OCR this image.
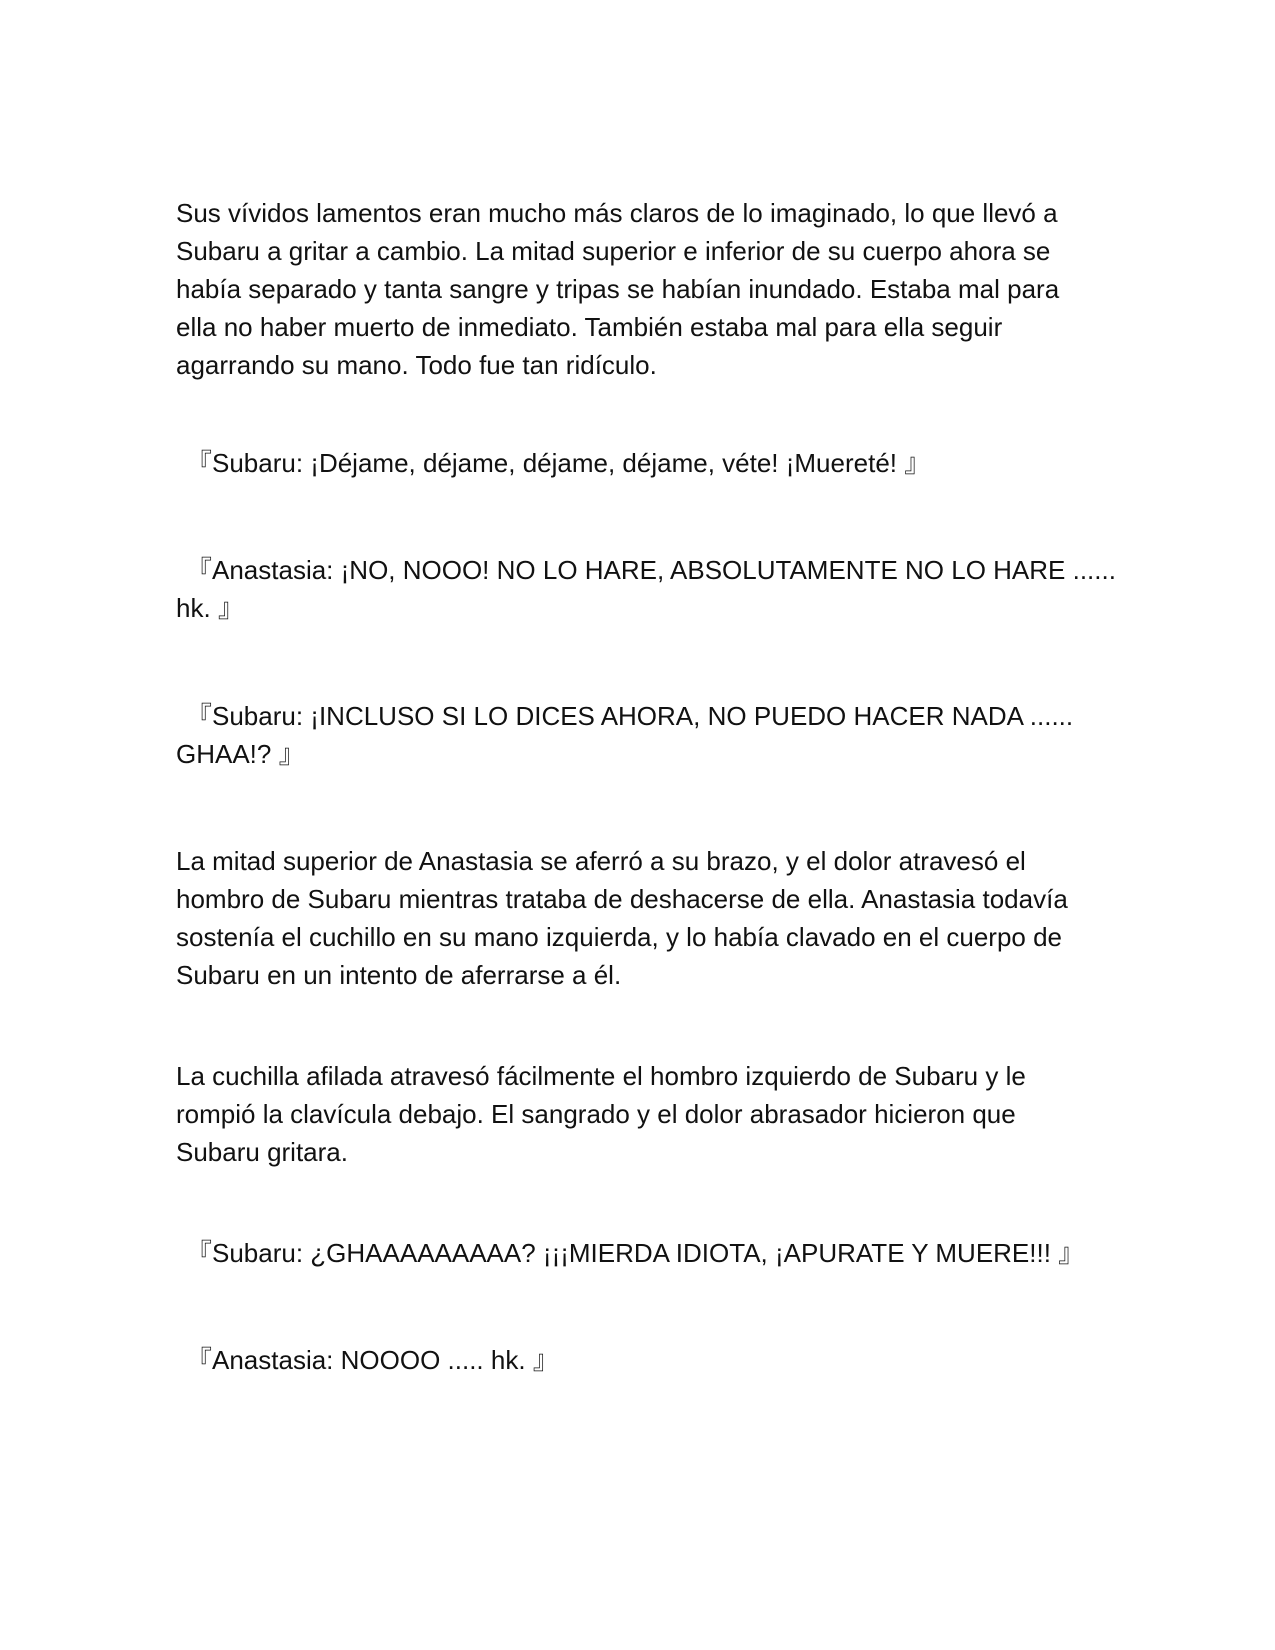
Sus vívidos lamentos eran mucho más claros de lo imaginado, lo que llevó a
Subaru a gritar a cambio. La mitad superior e inferior de su cuerpo ahora se
había separado y tanta sangre y tripas se habían inundado. Estaba mal para
ella no haber muerto de inmediato. También estaba mal para ella seguir
agarrando su mano. Todo fue tan ridículo.
『Subaru: ¡Déjame, déjame, déjame, déjame, véte! ¡Muereté! 』
『Anastasia: ¡NO, NOOO! NO LO HARE, ABSOLUTAMENTE NO LO HARE ......
hk. 』
『Subaru: ¡INCLUSO SI LO DICES AHORA, NO PUEDO HACER NADA ......
GHAA!? 』
La mitad superior de Anastasia se aferró a su brazo, y el dolor atravesó el
hombro de Subaru mientras trataba de deshacerse de ella. Anastasia todavía
sostenía el cuchillo en su mano izquierda, y lo había clavado en el cuerpo de
Subaru en un intento de aferrarse a él.
La cuchilla afilada atravesó fácilmente el hombro izquierdo de Subaru y le
rompió la clavícula debajo. El sangrado y el dolor abrasador hicieron que
Subaru gritara.
『Subaru: ¿GHAAAAAAAAA? ¡¡¡MIERDA IDIOTA, ¡APURATE Y MUERE!!! 』
『Anastasia: NOOOO ..... hk. 』
